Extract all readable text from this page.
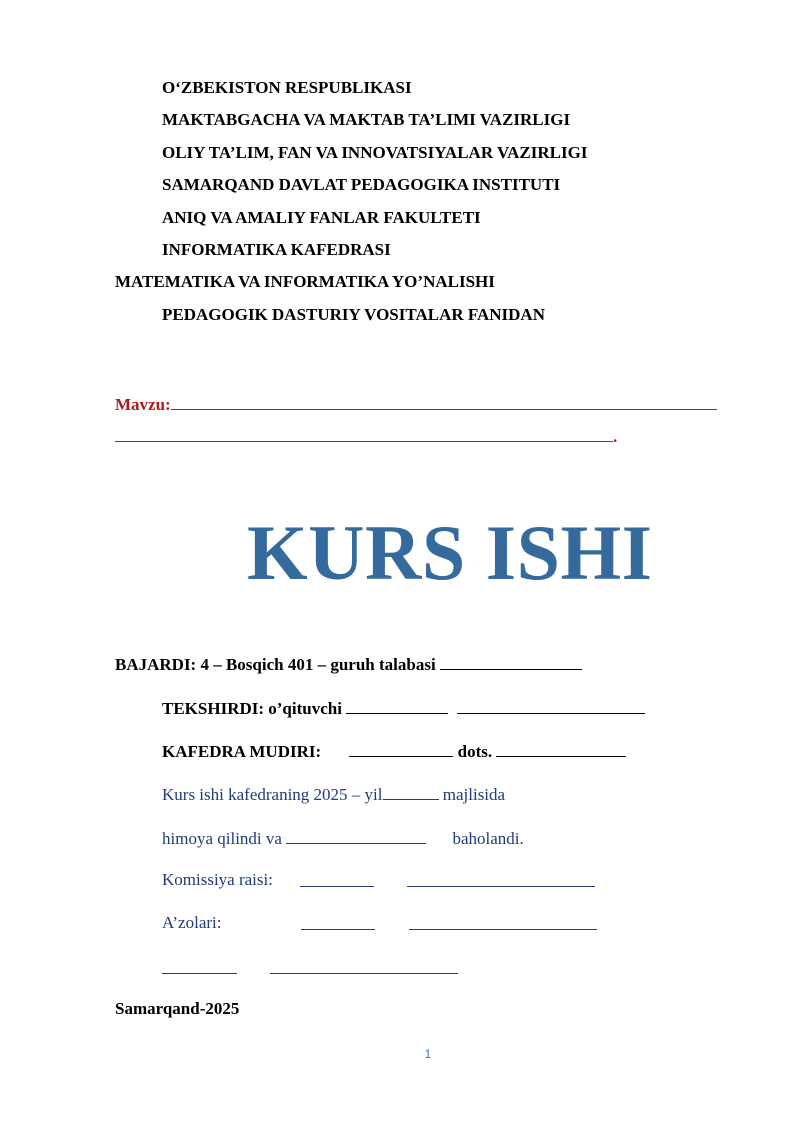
O‘ZBEKISTON RESPUBLIKASI
MAKTABGACHA VA MAKTAB TA’LIMI VAZIRLIGI
OLIY TA’LIM, FAN VA INNOVATSIYALAR VAZIRLIGI
SAMARQAND DAVLAT PEDAGOGIKA INSTITUTI
ANIQ VA AMALIY FANLAR FAKULTETI
INFORMATIKA KAFEDRASI
MATEMATIKA VA INFORMATIKA YO’NALISHI
PEDAGOGIK DASTURIY VOSITALAR FANIDAN
Mavzu:
.
KURS ISHI
BAJARDI: 4 – Bosqich 401 – guruh talabasi
TEKSHIRDI: o’qituvchi
KAFEDRA MUDIRI:	dots.
Kurs ishi kafedraning 2025 – yil	majlisida
himoya qilindi va	baholandi.
Komissiya raisi:
A’zolari:
Samarqand-2025
1
